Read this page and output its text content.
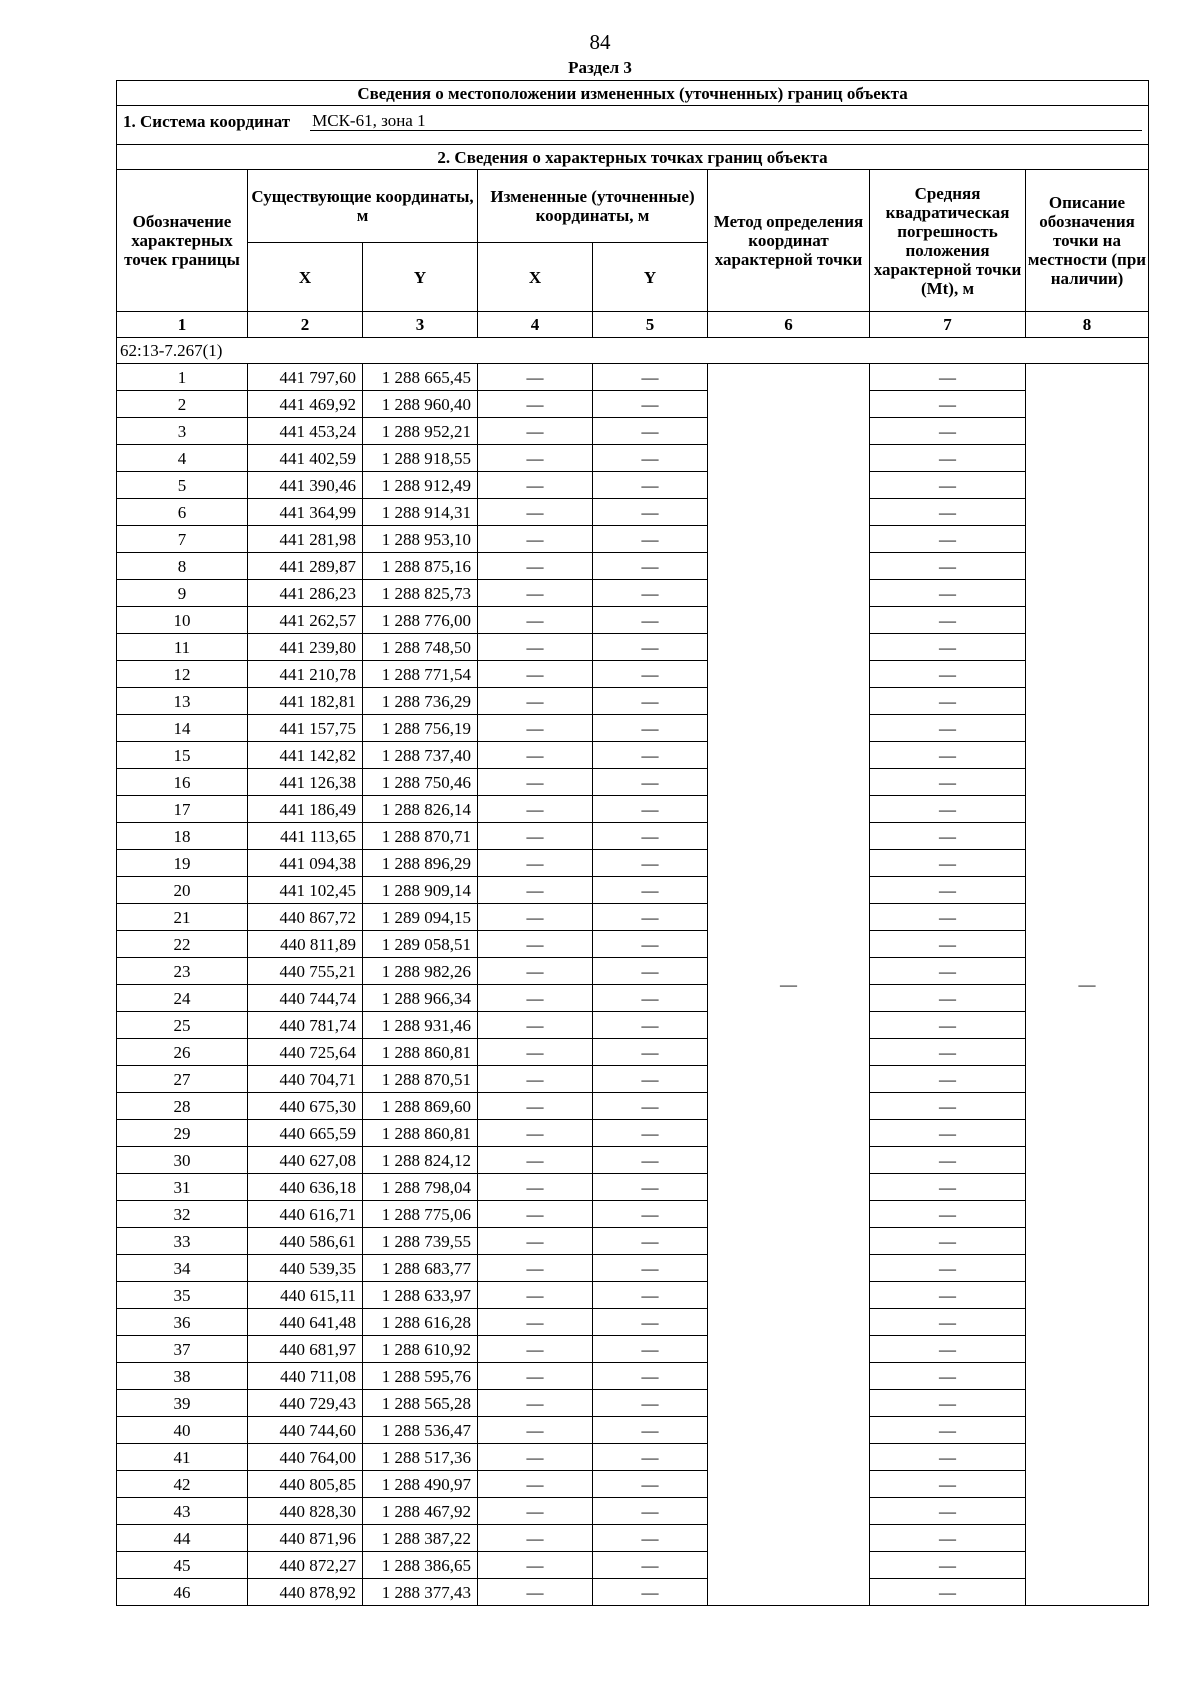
84
Раздел 3
Сведения о местоположении измененных (уточненных) границ объекта							

1. Система координат МСК-61, зона 1							

2. Сведения о характерных точках границ объекта							
Обозначение характерных точек границы	Существующие координаты, м		Измененные (уточненные) координаты, м		Метод определения координат характерной точки	Средняя квадратическая погрешность положения характерной точки (Mt), м	Описание обозначения точки на местности (при наличии)
	X	Y	X	Y			
1	2	3	4	5	6	7	8
62:13-7.267(1)							
1	441 797,60	1 288 665,45	—	—	—	—	—
2	441 469,92	1 288 960,40	—	—		—	
3	441 453,24	1 288 952,21	—	—		—	
4	441 402,59	1 288 918,55	—	—		—	
5	441 390,46	1 288 912,49	—	—		—	
6	441 364,99	1 288 914,31	—	—		—	
7	441 281,98	1 288 953,10	—	—		—	
8	441 289,87	1 288 875,16	—	—		—	
9	441 286,23	1 288 825,73	—	—		—	
10	441 262,57	1 288 776,00	—	—		—	
11	441 239,80	1 288 748,50	—	—		—	
12	441 210,78	1 288 771,54	—	—		—	
13	441 182,81	1 288 736,29	—	—		—	
14	441 157,75	1 288 756,19	—	—		—	
15	441 142,82	1 288 737,40	—	—		—	
16	441 126,38	1 288 750,46	—	—		—	
17	441 186,49	1 288 826,14	—	—		—	
18	441 113,65	1 288 870,71	—	—		—	
19	441 094,38	1 288 896,29	—	—		—	
20	441 102,45	1 288 909,14	—	—		—	
21	440 867,72	1 289 094,15	—	—		—	
22	440 811,89	1 289 058,51	—	—		—	
23	440 755,21	1 288 982,26	—	—		—	
24	440 744,74	1 288 966,34	—	—		—	
25	440 781,74	1 288 931,46	—	—		—	
26	440 725,64	1 288 860,81	—	—		—	
27	440 704,71	1 288 870,51	—	—		—	
28	440 675,30	1 288 869,60	—	—		—	
29	440 665,59	1 288 860,81	—	—		—	
30	440 627,08	1 288 824,12	—	—		—	
31	440 636,18	1 288 798,04	—	—		—	
32	440 616,71	1 288 775,06	—	—		—	
33	440 586,61	1 288 739,55	—	—		—	
34	440 539,35	1 288 683,77	—	—		—	
35	440 615,11	1 288 633,97	—	—		—	
36	440 641,48	1 288 616,28	—	—		—	
37	440 681,97	1 288 610,92	—	—		—	
38	440 711,08	1 288 595,76	—	—		—	
39	440 729,43	1 288 565,28	—	—		—	
40	440 744,60	1 288 536,47	—	—		—	
41	440 764,00	1 288 517,36	—	—		—	
42	440 805,85	1 288 490,97	—	—		—	
43	440 828,30	1 288 467,92	—	—		—	
44	440 871,96	1 288 387,22	—	—		—	
45	440 872,27	1 288 386,65	—	—		—	
46	440 878,92	1 288 377,43	—	—		—	
